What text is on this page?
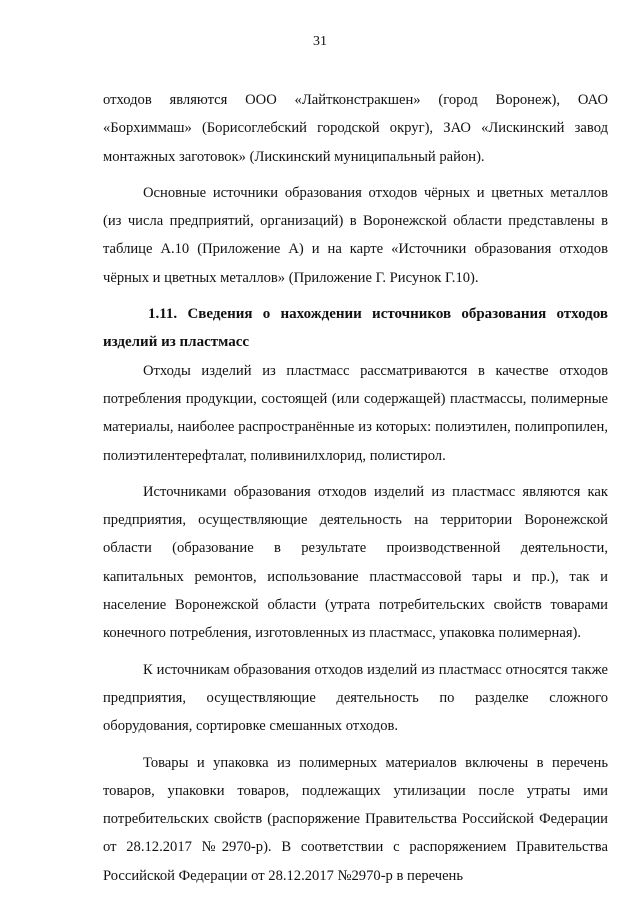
31

отходов являются ООО «Лайтконстракшен» (город Воронеж), ОАО «Борхиммаш» (Борисоглебский городской округ), ЗАО «Лискинский завод монтажных заготовок» (Лискинский муниципальный район).

Основные источники образования отходов чёрных и цветных металлов (из числа предприятий, организаций) в Воронежской области представлены в таблице А.10 (Приложение А) и на карте «Источники образования отходов чёрных и цветных металлов» (Приложение Г. Рисунок Г.10).

1.11. Сведения о нахождении источников образования отходов изделий из пластмасс

Отходы изделий из пластмасс рассматриваются в качестве отходов потребления продукции, состоящей (или содержащей) пластмассы, полимерные материалы, наиболее распространённые из которых: полиэтилен, полипропилен, полиэтилентерефталат, поливинилхлорид, полистирол.

Источниками образования отходов изделий из пластмасс являются как предприятия, осуществляющие деятельность на территории Воронежской области (образование в результате производственной деятельности, капитальных ремонтов, использование пластмассовой тары и пр.), так и население Воронежской области (утрата потребительских свойств товарами конечного потребления, изготовленных из пластмасс, упаковка полимерная).

К источникам образования отходов изделий из пластмасс относятся также предприятия, осуществляющие деятельность по разделке сложного оборудования, сортировке смешанных отходов.

Товары и упаковка из полимерных материалов включены в перечень товаров, упаковки товаров, подлежащих утилизации после утраты ими потребительских свойств (распоряжение Правительства Российской Федерации от 28.12.2017 №2970-р). В соответствии с распоряжением Правительства Российской Федерации от 28.12.2017 №2970-р в перечень
